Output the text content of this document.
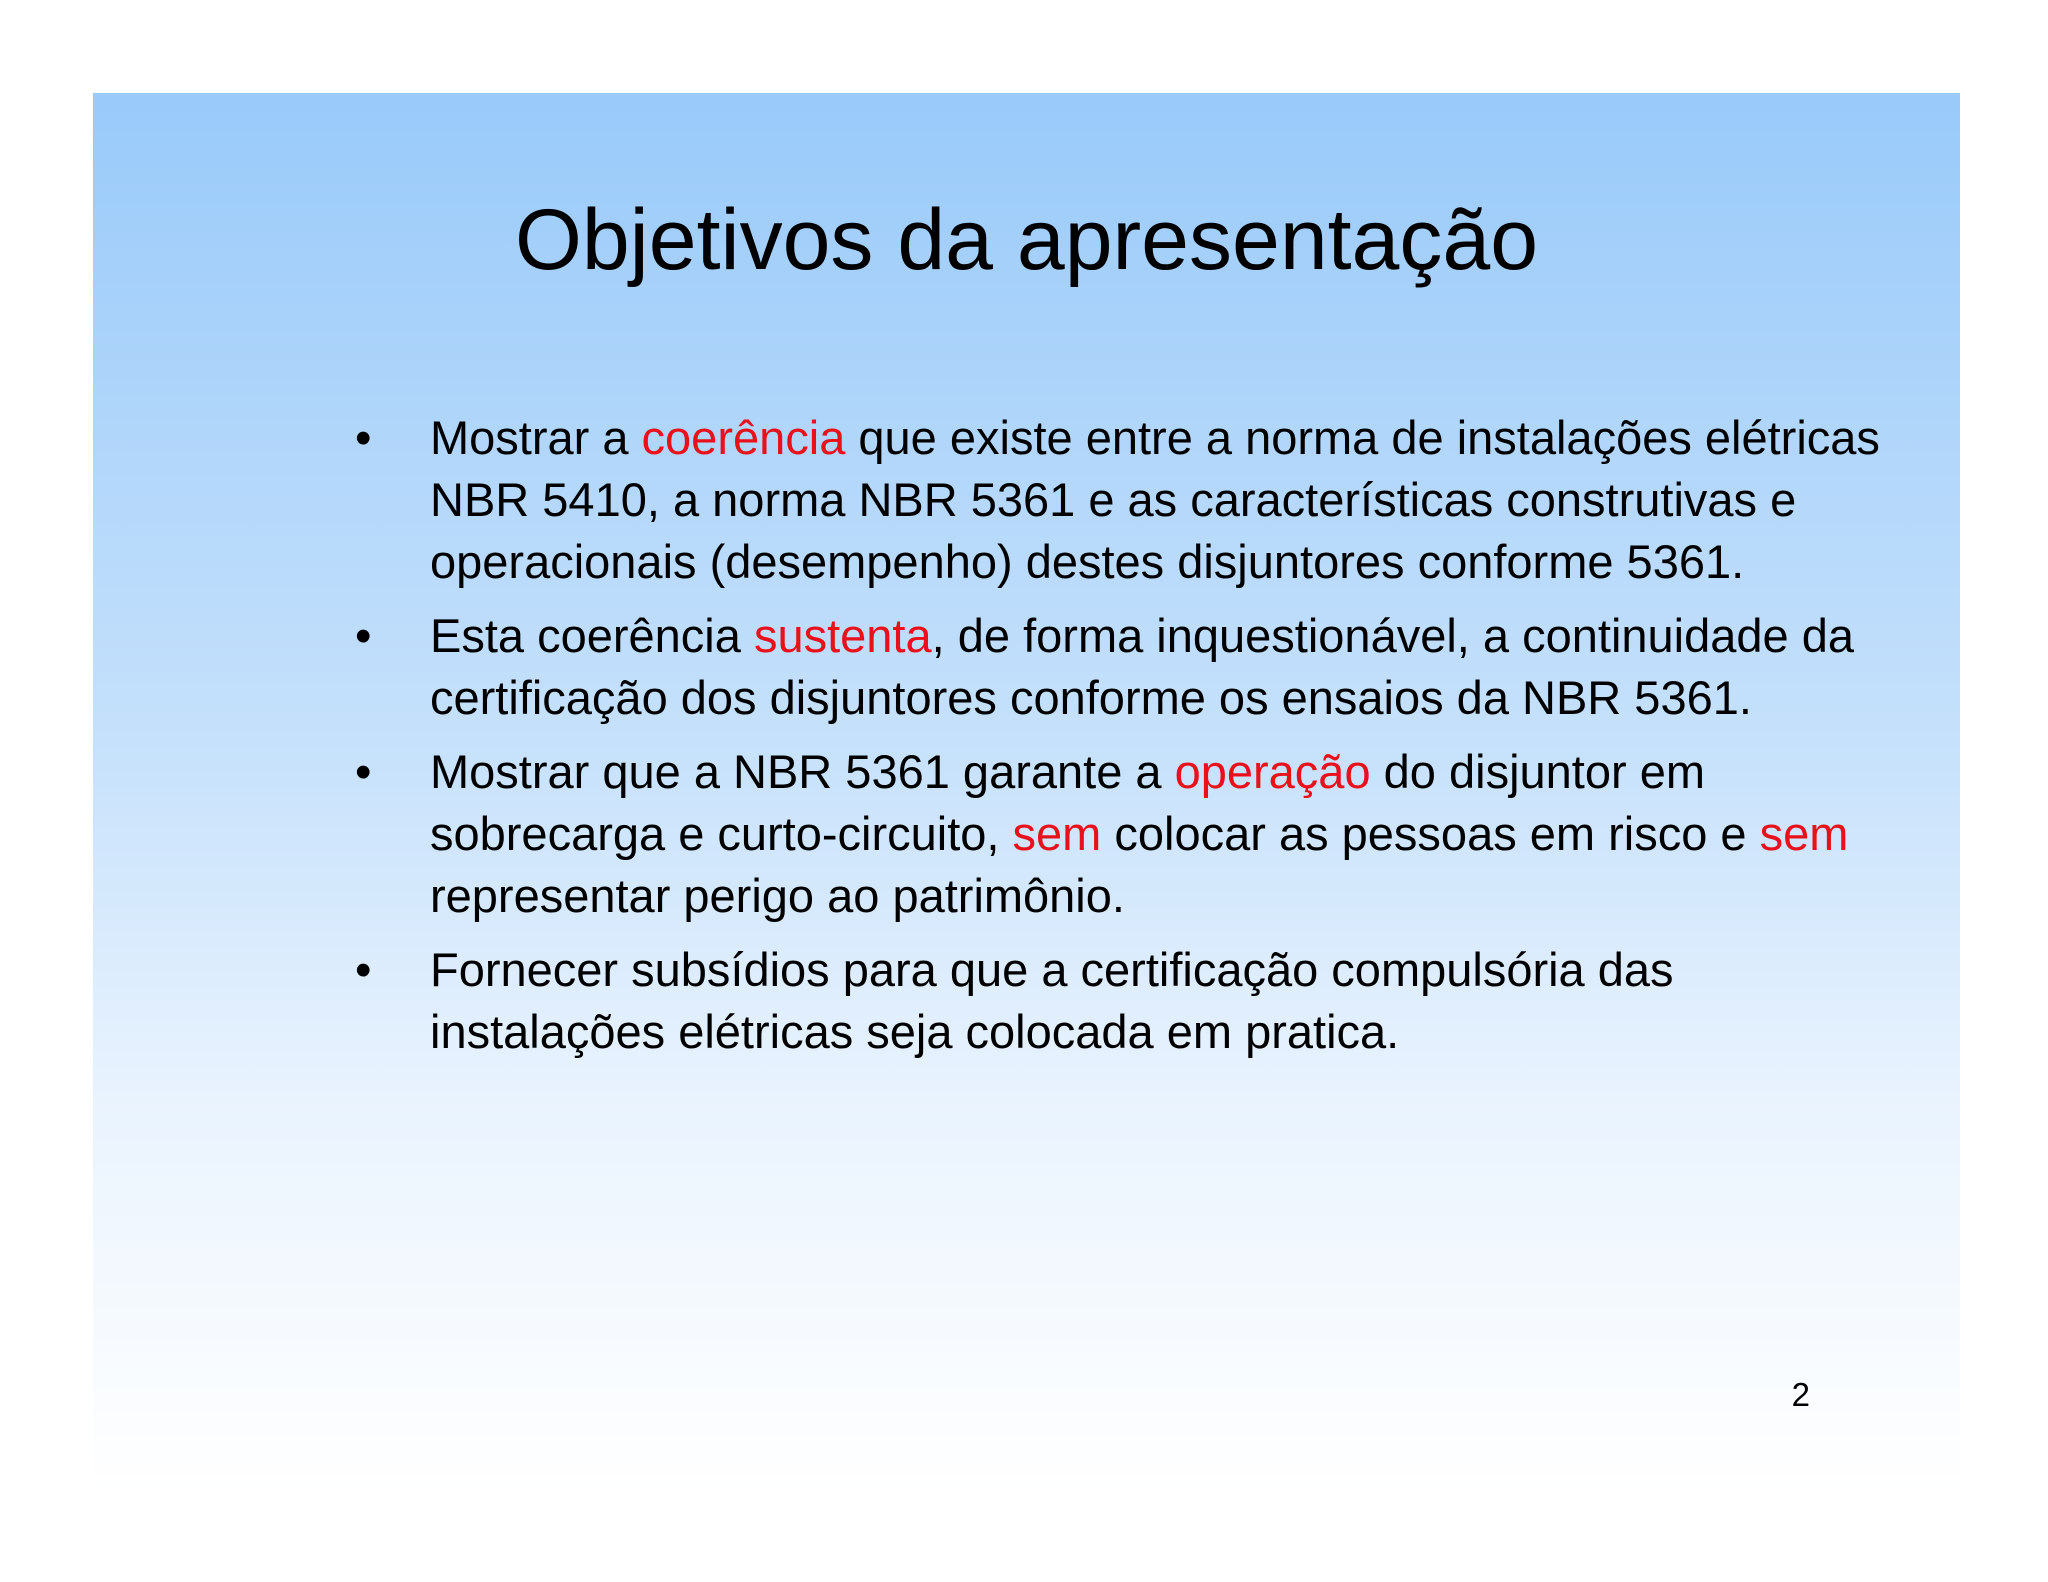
Objetivos da apresentação
• Mostrar a coerência que existe entre a norma de instalações elétricas NBR 5410, a norma NBR 5361 e as características construtivas e operacionais (desempenho) destes disjuntores conforme 5361.
• Esta coerência sustenta, de forma inquestionável, a continuidade da certificação dos disjuntores conforme os ensaios da NBR 5361.
• Mostrar que a NBR 5361 garante a operação do disjuntor em sobrecarga e curto-circuito, sem colocar as pessoas em risco e sem representar perigo ao patrimônio.
• Fornecer subsídios para que a certificação compulsória das instalações elétricas seja colocada em pratica.
2
